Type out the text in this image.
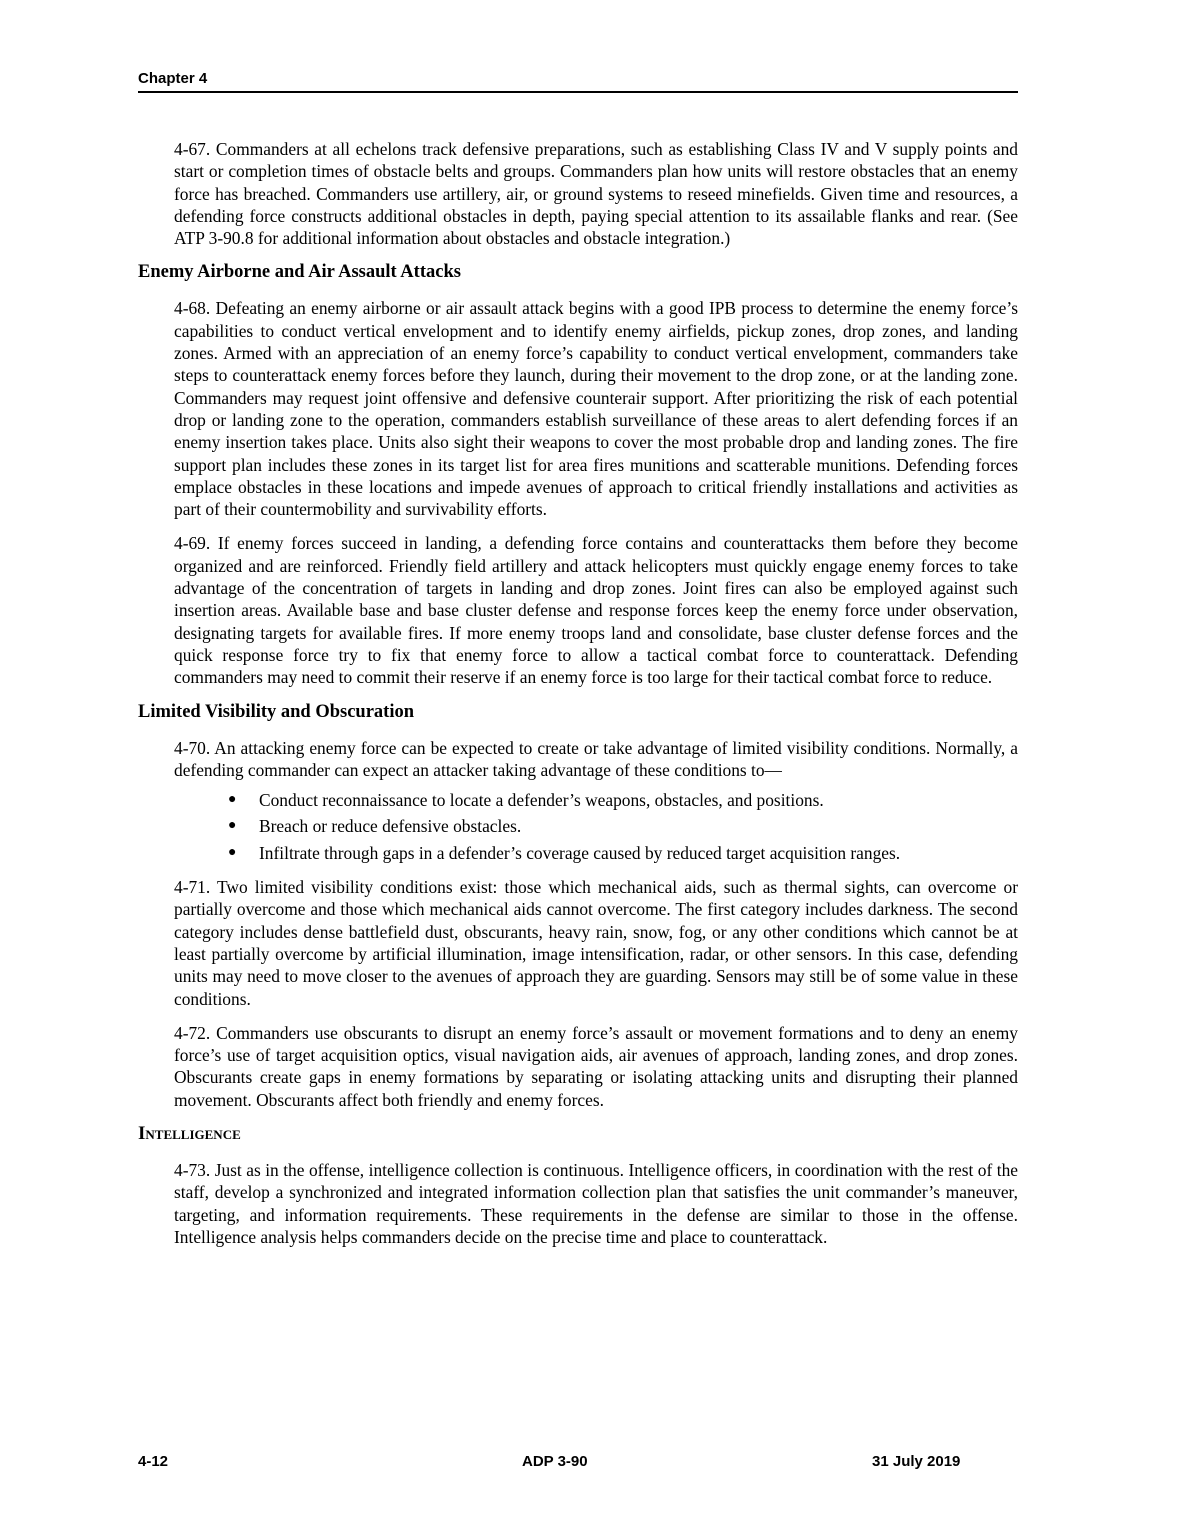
Chapter 4

4-67. Commanders at all echelons track defensive preparations, such as establishing Class IV and V supply points and start or completion times of obstacle belts and groups. Commanders plan how units will restore obstacles that an enemy force has breached. Commanders use artillery, air, or ground systems to reseed minefields. Given time and resources, a defending force constructs additional obstacles in depth, paying special attention to its assailable flanks and rear. (See ATP 3-90.8 for additional information about obstacles and obstacle integration.)

Enemy Airborne and Air Assault Attacks

4-68. Defeating an enemy airborne or air assault attack begins with a good IPB process to determine the enemy force’s capabilities to conduct vertical envelopment and to identify enemy airfields, pickup zones, drop zones, and landing zones. Armed with an appreciation of an enemy force’s capability to conduct vertical envelopment, commanders take steps to counterattack enemy forces before they launch, during their movement to the drop zone, or at the landing zone. Commanders may request joint offensive and defensive counterair support. After prioritizing the risk of each potential drop or landing zone to the operation, commanders establish surveillance of these areas to alert defending forces if an enemy insertion takes place. Units also sight their weapons to cover the most probable drop and landing zones. The fire support plan includes these zones in its target list for area fires munitions and scatterable munitions. Defending forces emplace obstacles in these locations and impede avenues of approach to critical friendly installations and activities as part of their countermobility and survivability efforts.

4-69. If enemy forces succeed in landing, a defending force contains and counterattacks them before they become organized and are reinforced. Friendly field artillery and attack helicopters must quickly engage enemy forces to take advantage of the concentration of targets in landing and drop zones. Joint fires can also be employed against such insertion areas. Available base and base cluster defense and response forces keep the enemy force under observation, designating targets for available fires. If more enemy troops land and consolidate, base cluster defense forces and the quick response force try to fix that enemy force to allow a tactical combat force to counterattack. Defending commanders may need to commit their reserve if an enemy force is too large for their tactical combat force to reduce.

Limited Visibility and Obscuration

4-70. An attacking enemy force can be expected to create or take advantage of limited visibility conditions. Normally, a defending commander can expect an attacker taking advantage of these conditions to—

● Conduct reconnaissance to locate a defender’s weapons, obstacles, and positions.
● Breach or reduce defensive obstacles.
● Infiltrate through gaps in a defender’s coverage caused by reduced target acquisition ranges.

4-71. Two limited visibility conditions exist: those which mechanical aids, such as thermal sights, can overcome or partially overcome and those which mechanical aids cannot overcome. The first category includes darkness. The second category includes dense battlefield dust, obscurants, heavy rain, snow, fog, or any other conditions which cannot be at least partially overcome by artificial illumination, image intensification, radar, or other sensors. In this case, defending units may need to move closer to the avenues of approach they are guarding. Sensors may still be of some value in these conditions.

4-72. Commanders use obscurants to disrupt an enemy force’s assault or movement formations and to deny an enemy force’s use of target acquisition optics, visual navigation aids, air avenues of approach, landing zones, and drop zones. Obscurants create gaps in enemy formations by separating or isolating attacking units and disrupting their planned movement. Obscurants affect both friendly and enemy forces.

Intelligence

4-73. Just as in the offense, intelligence collection is continuous. Intelligence officers, in coordination with the rest of the staff, develop a synchronized and integrated information collection plan that satisfies the unit commander’s maneuver, targeting, and information requirements. These requirements in the defense are similar to those in the offense. Intelligence analysis helps commanders decide on the precise time and place to counterattack.

4-12	ADP 3-90	31 July 2019
